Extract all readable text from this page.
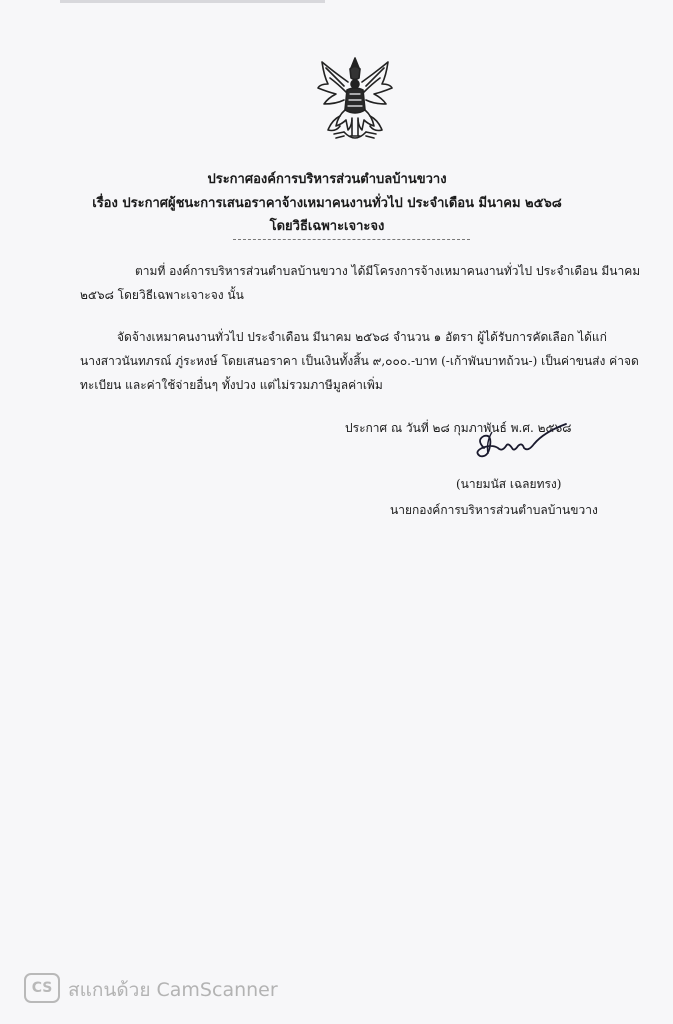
ประกาศองค์การบริหารส่วนตำบลบ้านขวาง
เรื่อง ประกาศผู้ชนะการเสนอราคาจ้างเหมาคนงานทั่วไป ประจำเดือน มีนาคม ๒๕๖๘
โดยวิธีเฉพาะเจาะจง
ตามที่ องค์การบริหารส่วนตำบลบ้านขวาง ได้มีโครงการจ้างเหมาคนงานทั่วไป ประจำเดือน มีนาคม
๒๕๖๘ โดยวิธีเฉพาะเจาะจง นั้น
จัดจ้างเหมาคนงานทั่วไป ประจำเดือน มีนาคม ๒๕๖๘ จำนวน ๑ อัตรา ผู้ได้รับการคัดเลือก ได้แก่
นางสาวนันทภรณ์ ภู่ระหงษ์ โดยเสนอราคา เป็นเงินทั้งสิ้น ๙,๐๐๐.-บาท (-เก้าพันบาทถ้วน-) เป็นค่าขนส่ง ค่าจด
ทะเบียน และค่าใช้จ่ายอื่นๆ ทั้งปวง แต่ไม่รวมภาษีมูลค่าเพิ่ม
ประกาศ ณ วันที่ ๒๘ กุมภาพันธ์ พ.ศ. ๒๕๖๘
(นายมนัส เฉลยทรง)
นายกองค์การบริหารส่วนตำบลบ้านขวาง
CS สแกนด้วย CamScanner
